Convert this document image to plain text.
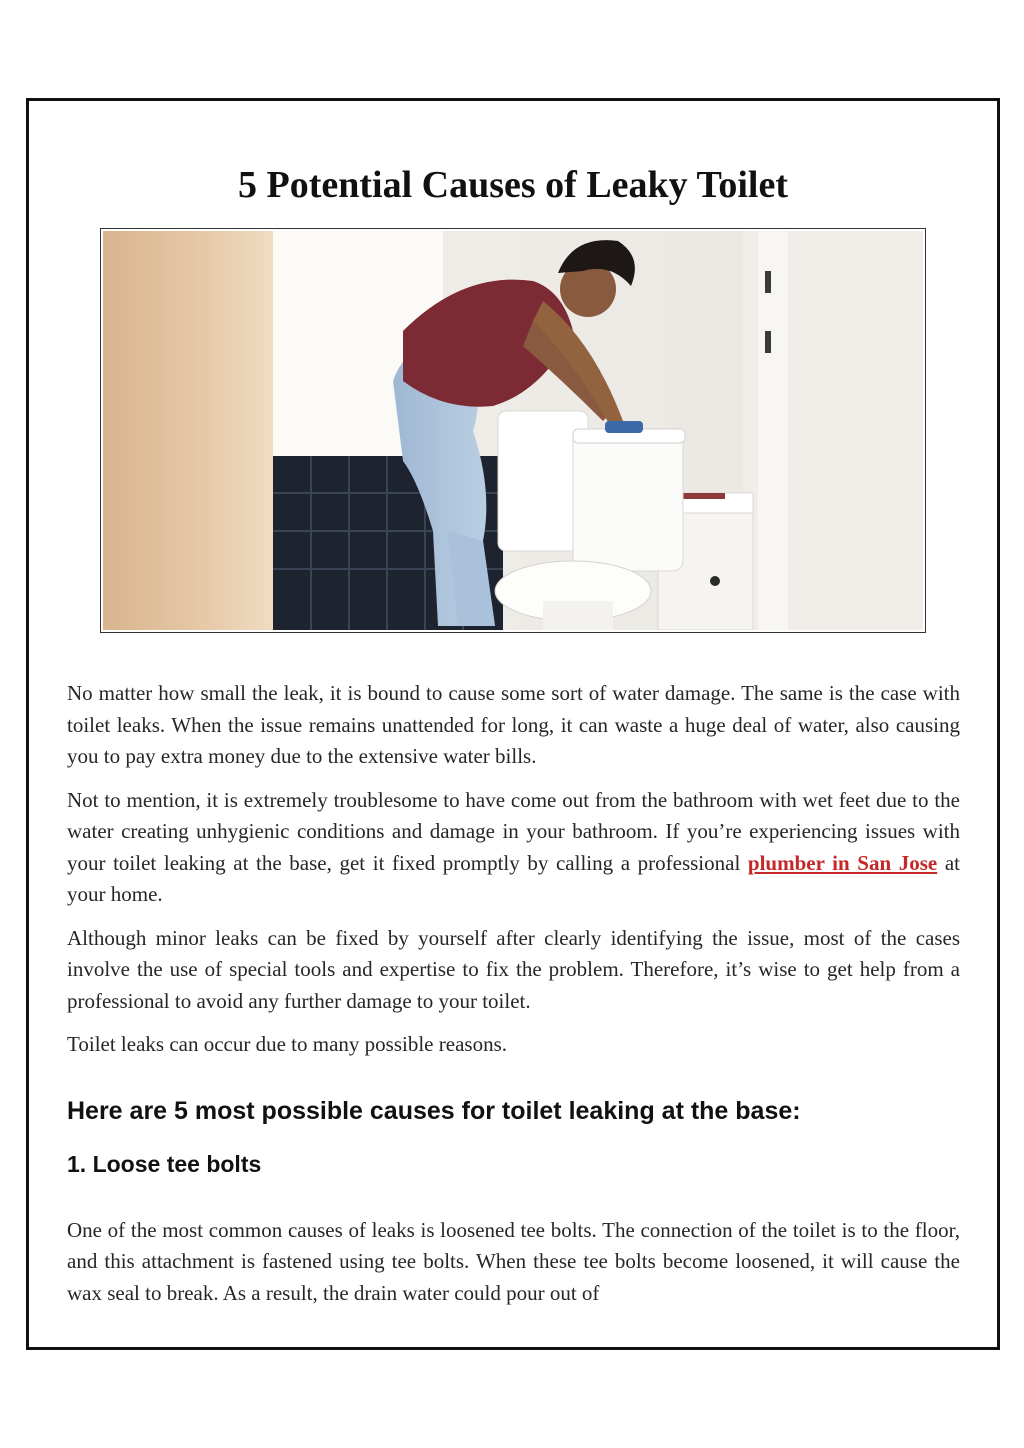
5 Potential Causes of Leaky Toilet

No matter how small the leak, it is bound to cause some sort of water damage. The same is the case with toilet leaks. When the issue remains unattended for long, it can waste a huge deal of water, also causing you to pay extra money due to the extensive water bills.

Not to mention, it is extremely troublesome to have come out from the bathroom with wet feet due to the water creating unhygienic conditions and damage in your bathroom. If you’re experiencing issues with your toilet leaking at the base, get it fixed promptly by calling a professional plumber in San Jose at your home.

Although minor leaks can be fixed by yourself after clearly identifying the issue, most of the cases involve the use of special tools and expertise to fix the problem. Therefore, it’s wise to get help from a professional to avoid any further damage to your toilet.

Toilet leaks can occur due to many possible reasons.

Here are 5 most possible causes for toilet leaking at the base:
1. Loose tee bolts

One of the most common causes of leaks is loosened tee bolts. The connection of the toilet is to the floor, and this attachment is fastened using tee bolts. When these tee bolts become loosened, it will cause the wax seal to break. As a result, the drain water could pour out of
